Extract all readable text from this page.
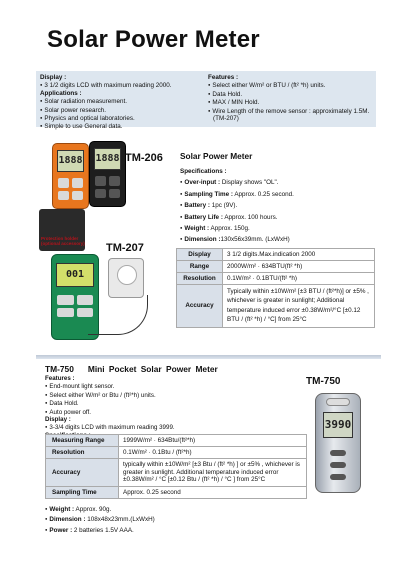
Solar Power Meter
Display :
● 3 1/2 digits LCD with maximum reading 2000.
Applications :
● Solar radiation measurement.
● Solar power research.
● Physics and optical laboratories.
● Simple to use General data.
Features :
● Select either W/m² or BTU / (ft² *h) units.
● Data Hold.
● MAX / MIN Hold.
● Wire Length of the remove sensor : approximately 1.5M. (TM-207)
1888 1888 TM-206
Protection holder (optional accessory)	TM-207
001
Solar Power Meter
Specifications :
● Over-input : Display shows "OL".
● Sampling Time : Approx. 0.25 second.
● Battery : 1pc (9V).
● Battery Life : Approx. 100 hours.
● Weight : Approx. 150g.
● Dimension :130x56x39mm. (LxWxH)
Display	3 1/2 digits.Max.indication 2000
Range	2000W/m² · 634BTU(ft² *h)
Resolution	0.1W/m² · 0.1BTU/(ft² *h)
Accuracy	Typically within ±10W/m² [±3 BTU / (ft²*h)] or ±5% , whichever is greater in sunlight; Additional temperature induced error ±0.38W/m²/°C [±0.12 BTU / (ft² *h) / °C] from 25°C
TM-750 Mini Pocket Solar Power Meter
Features :
● End-mount light sensor.
● Select either W/m² or Btu / (ft²*h) units.
● Data Hold.
● Auto power off.
Display :
● 3-3/4 digits LCD with maximum reading 3999.
Measuring Range	1999W/m² · 634Btu/(ft²*h)
Resolution	0.1W/m² · 0.1Btu / (ft²*h)
Accuracy	typically within ±10W/m² [±3 Btu / (ft² *h) ] or ±5% , whichever is greater in sunlight. Additional temperature induced error ±0.38W/m² / °C [±0.12 Btu / (ft² *h) / °C ] from 25°C
Sampling Time	Approx. 0.25 second
● Weight : Approx. 90g.
● Dimension : 108x48x23mm.(LxWxH)
● Power : 2 batteries 1.5V AAA.
TM-750
3990
